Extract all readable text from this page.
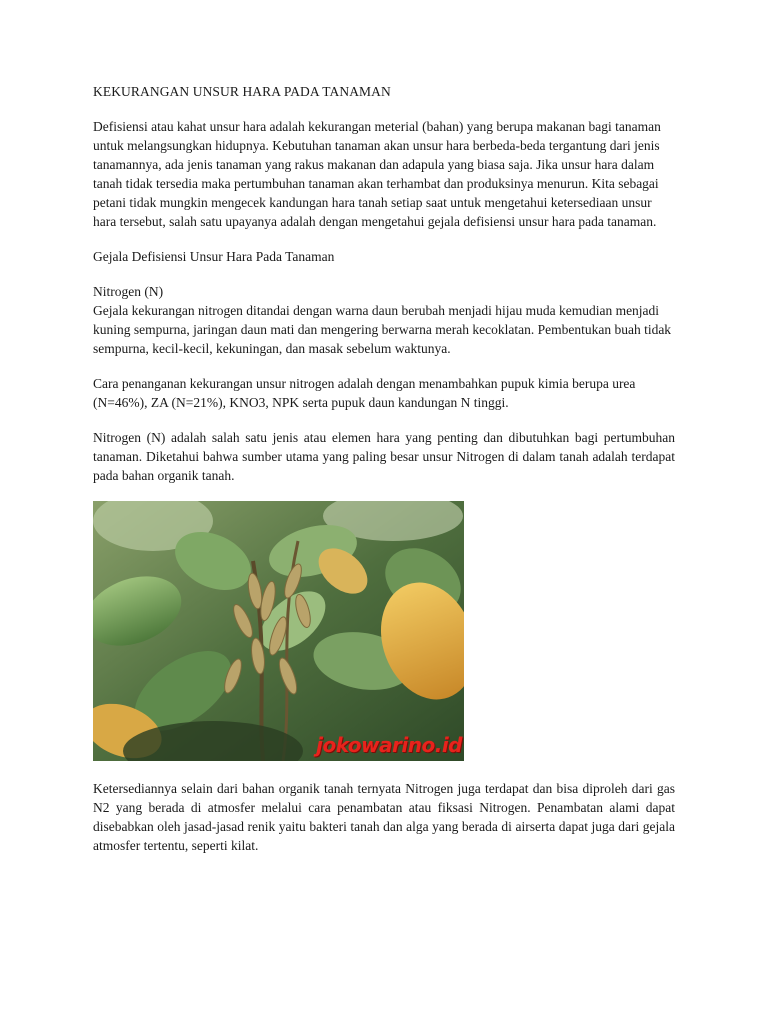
KEKURANGAN UNSUR HARA PADA TANAMAN
Defisiensi atau kahat unsur hara adalah kekurangan meterial (bahan) yang berupa makanan bagi tanaman untuk melangsungkan hidupnya. Kebutuhan tanaman akan unsur hara berbeda-beda tergantung dari jenis tanamannya, ada jenis tanaman yang rakus makanan dan adapula yang biasa saja. Jika unsur hara dalam tanah tidak tersedia maka pertumbuhan tanaman akan terhambat dan produksinya menurun. Kita sebagai petani tidak mungkin mengecek kandungan hara tanah setiap saat untuk mengetahui ketersediaan unsur hara tersebut, salah satu upayanya adalah dengan mengetahui gejala defisiensi unsur hara pada tanaman.
Gejala Defisiensi Unsur Hara Pada Tanaman
Nitrogen (N)
Gejala kekurangan nitrogen ditandai dengan warna daun berubah menjadi hijau muda kemudian menjadi kuning sempurna, jaringan daun mati dan mengering berwarna merah kecoklatan. Pembentukan buah tidak sempurna, kecil-kecil, kekuningan, dan masak sebelum waktunya.
Cara penanganan kekurangan unsur nitrogen adalah dengan menambahkan pupuk kimia berupa urea (N=46%), ZA (N=21%), KNO3, NPK serta pupuk daun kandungan N tinggi.
Nitrogen (N) adalah salah satu jenis atau elemen hara yang penting dan dibutuhkan bagi pertumbuhan tanaman. Diketahui bahwa sumber utama yang paling besar unsur Nitrogen di dalam tanah adalah terdapat pada bahan organik tanah.
jokowarino.id
Ketersediannya selain dari bahan organik tanah ternyata Nitrogen juga terdapat dan bisa diproleh dari gas N2 yang berada di atmosfer melalui cara penambatan atau fiksasi Nitrogen. Penambatan alami dapat disebabkan oleh jasad-jasad renik yaitu bakteri tanah dan alga yang berada di airserta dapat juga dari gejala atmosfer tertentu, seperti kilat.
